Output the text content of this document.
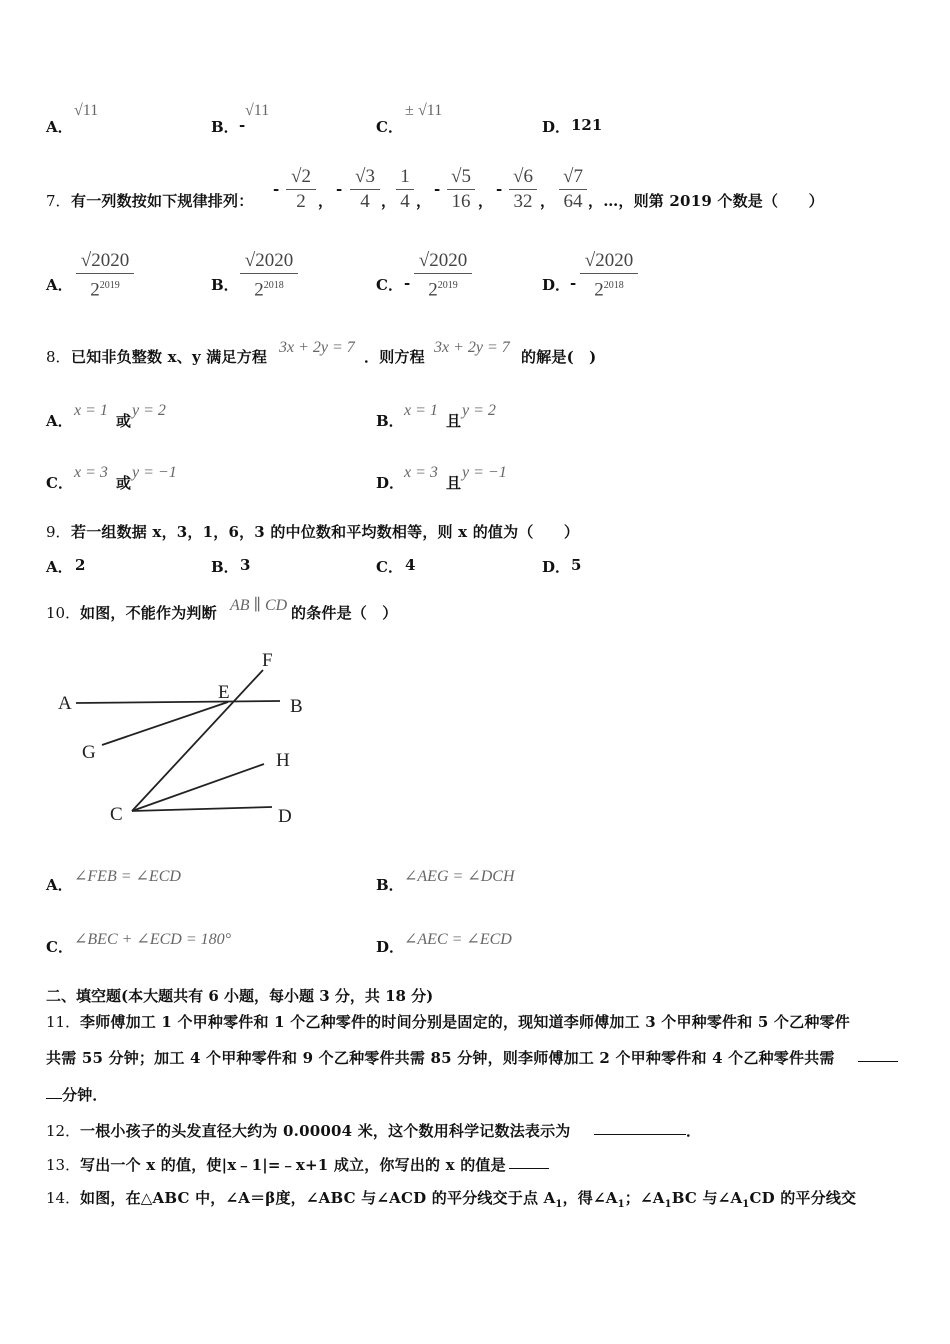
A．
√11
B． -
√11
C．
± √11
D． 121
7． 有一列数按如下规律排列：
-
√2
2 ，
-
√3
4 ，
1
4 ，
-
√5
16 ，
-
√6
32 ，
√7
64 ，…，则第 2019 个数是（　　）
A．
√2020
$2^{2019}$	B．
√2020
$2^{2018}$	C． -
√2020
$2^{2019}$	D． -
√2020
$2^{2018}$
8． 已知非负整数 x、y 满足方程
3x + 2y = 7
．则方程
3x + 2y = 7
的解是(　)
A．
x = 1
或
y = 2
B．
x = 1
且
y = 2
C．
x = 3
或
y = −1
D．
x = 3
且
y = −1
9． 若一组数据 x，3，1，6，3 的中位数和平均数相等，则 x 的值为（　　）
A． 2	B． 3	C． 4	D． 5
10． 如图，不能作为判断 AB ∥ CD 的条件是（　）
A	B
C	D
E
F
G	H
A． ∠FEB = ∠ECD	B． ∠AEG = ∠DCH
C． ∠BEC + ∠ECD = 180°	D． ∠AEC = ∠ECD
二、填空题(本大题共有 6 小题，每小题 3 分，共 18 分)
11． 李师傅加工 1 个甲种零件和 1 个乙种零件的时间分别是固定的，现知道李师傅加工 3 个甲种零件和 5 个乙种零件
共需 55 分钟；加工 4 个甲种零件和 9 个乙种零件共需 85 分钟，则李师傅加工 2 个甲种零件和 4 个乙种零件共需
分钟．
12． 一根小孩子的头发直径大约为 0.00004 米，这个数用科学记数法表示为	．
13． 写出一个 x 的值，使|x﹣1|=﹣x+1 成立，你写出的 x 的值是
14． 如图，在△ABC 中，∠A＝β度，∠ABC 与∠ACD 的平分线交于点 $A_1$，得$\angle A_1$；$\angle A_1BC$ 与$\angle A_1CD$ 的平分线交
